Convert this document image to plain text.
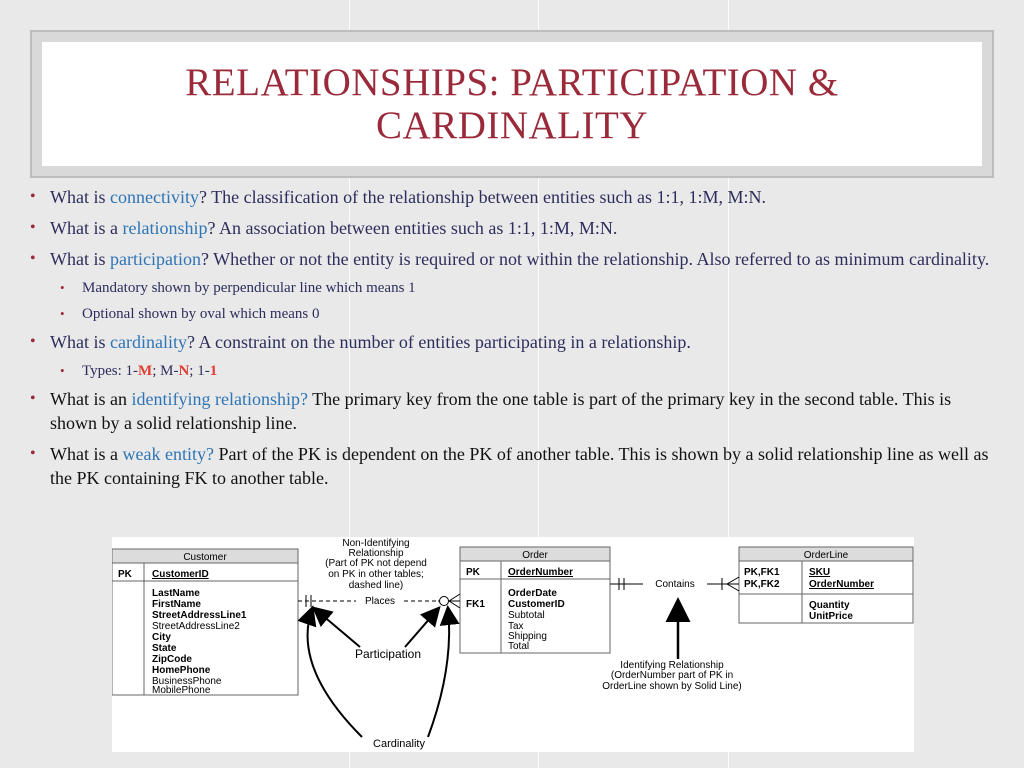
RELATIONSHIPS: PARTICIPATION &
CARDINALITY
• What is connectivity? The classification of the relationship between entities such as 1:1, 1:M, M:N.
• What is a relationship? An association between entities such as 1:1, 1:M, M:N.
• What is participation? Whether or not the entity is required or not within the relationship. Also referred to as minimum cardinality.
• Mandatory shown by perpendicular line which means 1
• Optional shown by oval which means 0
• What is cardinality? A constraint on the number of entities participating in a relationship.
• Types: 1-M; M-N; 1-1
• What is an identifying relationship? The primary key from the one table is part of the primary key in the second table. This is shown by a solid relationship line.
• What is a weak entity? Part of the PK is dependent on the PK of another table. This is shown by a solid relationship line as well as the PK containing FK to another table.
Customer
PK CustomerID
LastName
FirstName
StreetAddressLine1
StreetAddressLine2
City
State
ZipCode
HomePhone
BusinessPhone
MobilePhone
Order
PK	OrderNumber
FK1
OrderDate
CustomerID
Subtotal
Tax
Shipping
Total
OrderLine
PK,FK1
PK,FK2
SKU
OrderNumber
Quantity
UnitPrice
Places
Contains
Non-Identifying
Relationship
(Part of PK not depend
on PK in other tables;
dashed line)
Participation
Identifying Relationship
(OrderNumber part of PK in
OrderLine shown by Solid Line)
Cardinality
